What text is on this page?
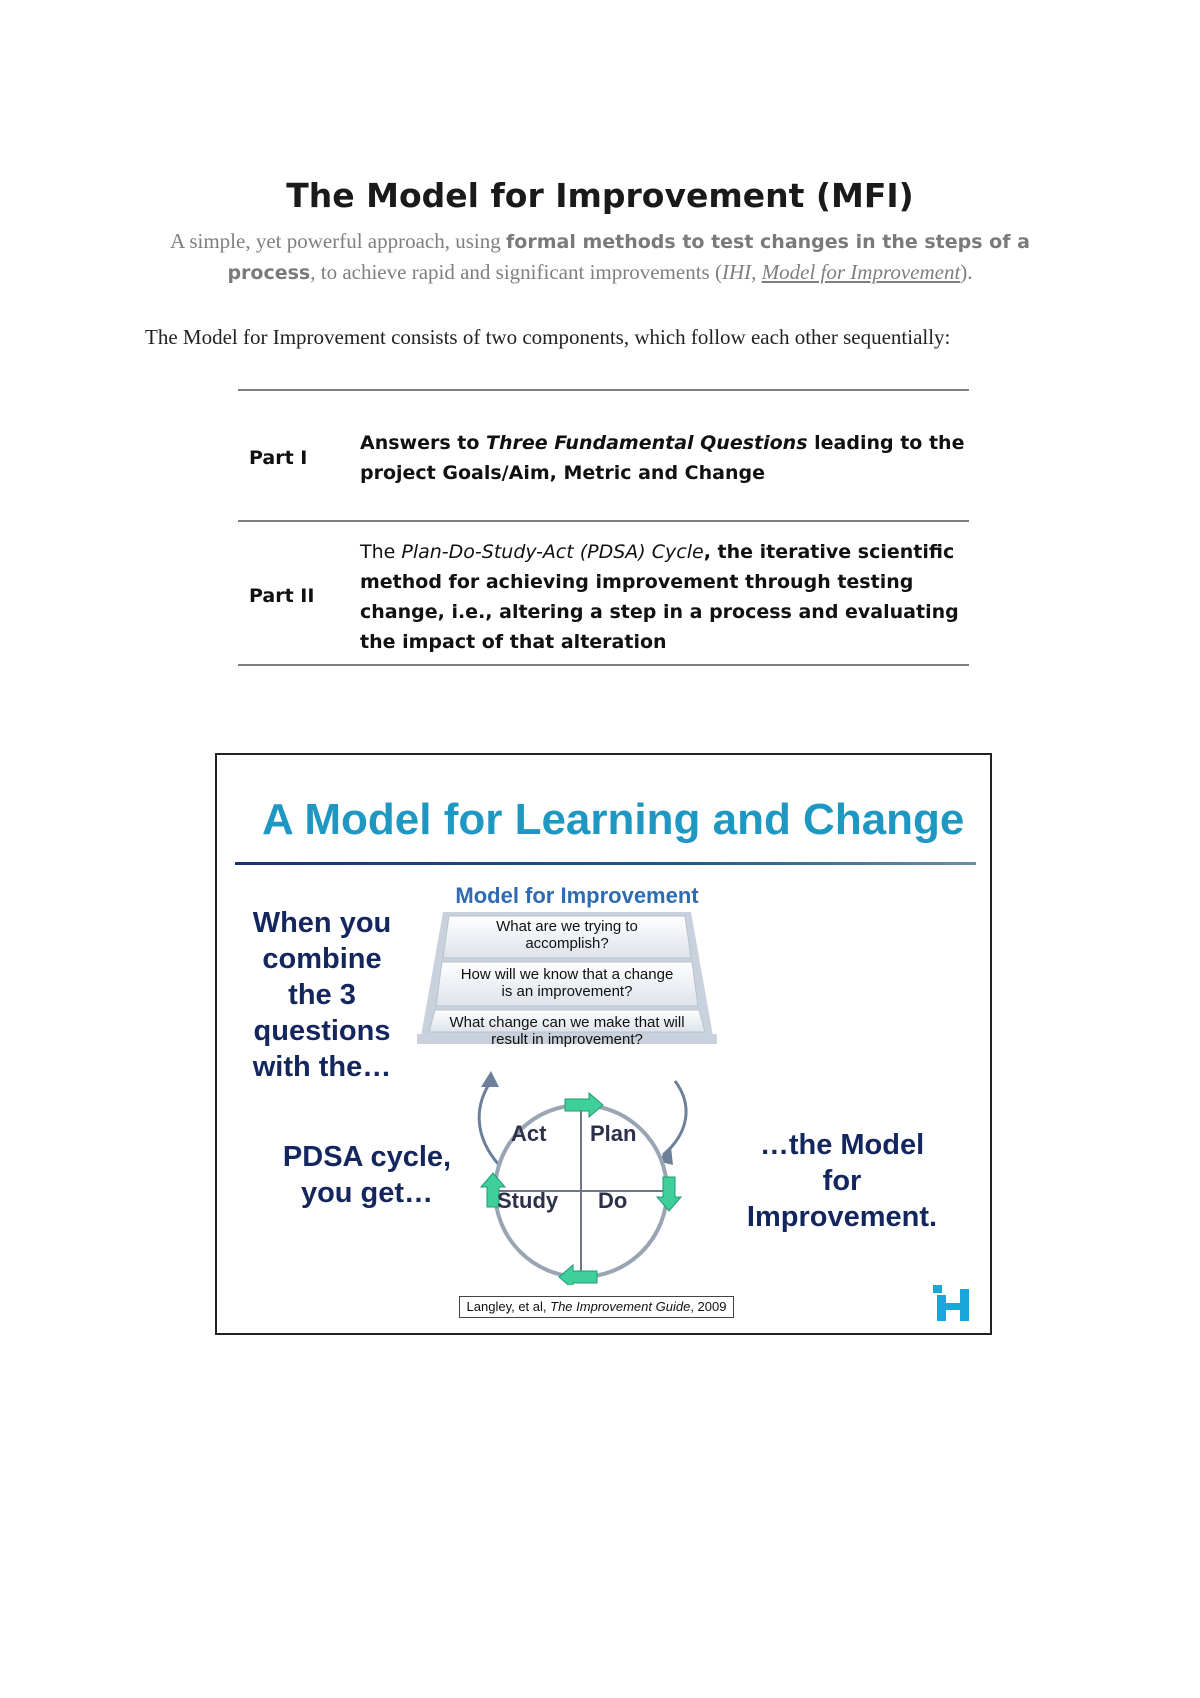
The Model for Improvement (MFI)

A simple, yet powerful approach, using formal methods to test changes in the steps of a process, to achieve rapid and significant improvements (IHI, Model for Improvement).

The Model for Improvement consists of two components, which follow each other sequentially:

Part I

Answers to Three Fundamental Questions leading to the project Goals/Aim, Metric and Change

Part II

The Plan-Do-Study-Act (PDSA) Cycle, the iterative scientific method for achieving improvement through testing change, i.e., altering a step in a process and evaluating the impact of that alteration

A Model for Learning and Change
When you combine the 3 questions with the…
PDSA cycle, you get…
…the Model for Improvement.
Model for Improvement
What are we trying to accomplish?
How will we know that a change is an improvement?
What change can we make that will result in improvement?
Act Plan
Study Do
Langley, et al, The Improvement Guide, 2009
